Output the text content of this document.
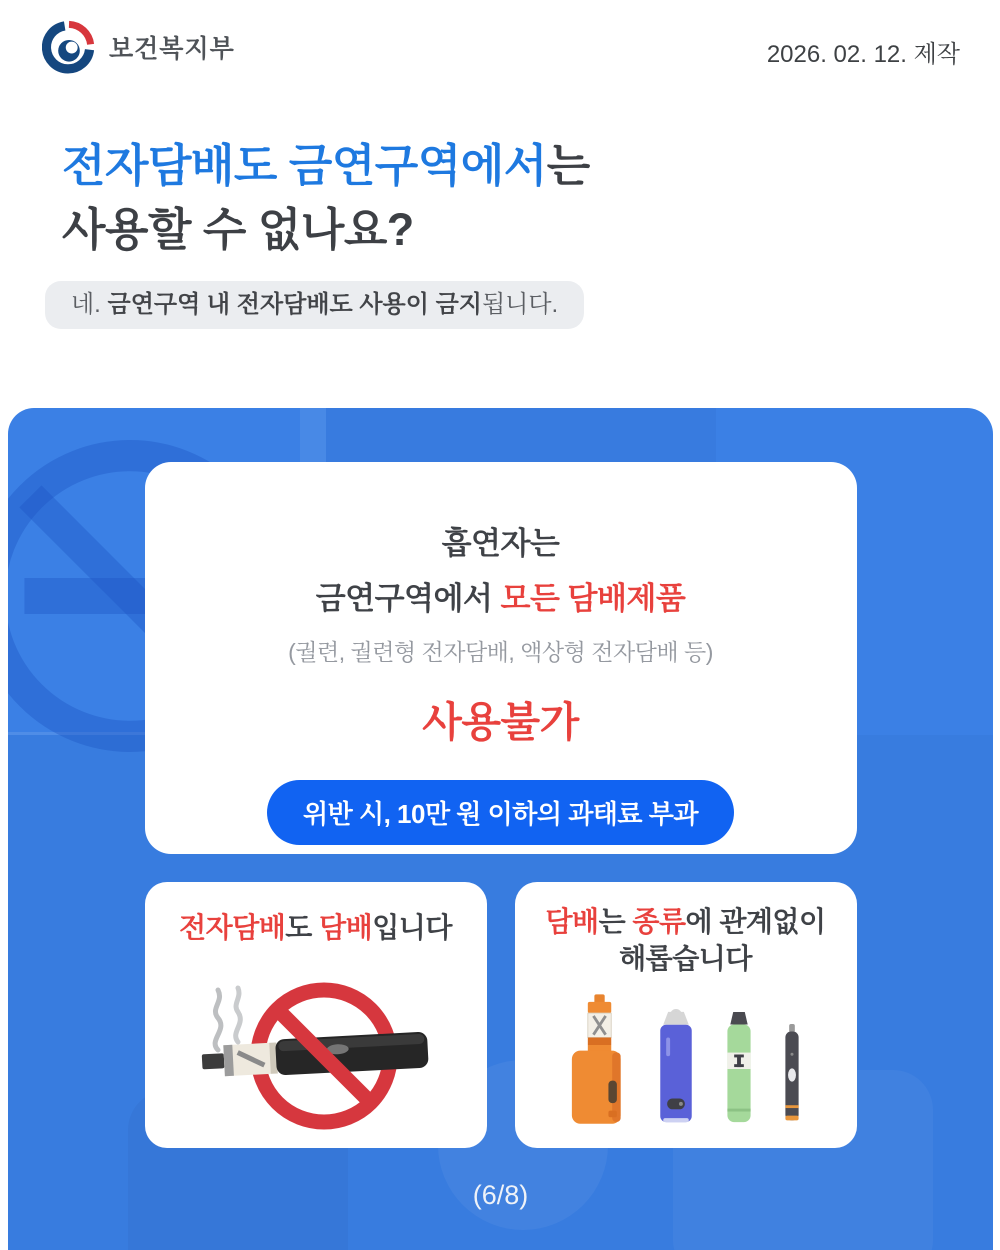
보건복지부	2026. 02. 12. 제작
전자담배도 금연구역에서는
사용할 수 없나요?
네. 금연구역 내 전자담배도 사용이 금지됩니다.
흡연자는
금연구역에서 모든 담배제품
(궐련, 궐련형 전자담배, 액상형 전자담배 등)
사용불가
위반 시, 10만 원 이하의 과태료 부과
전자담배도 담배입니다	담배는 종류에 관계없이
해롭습니다
(6/8)
